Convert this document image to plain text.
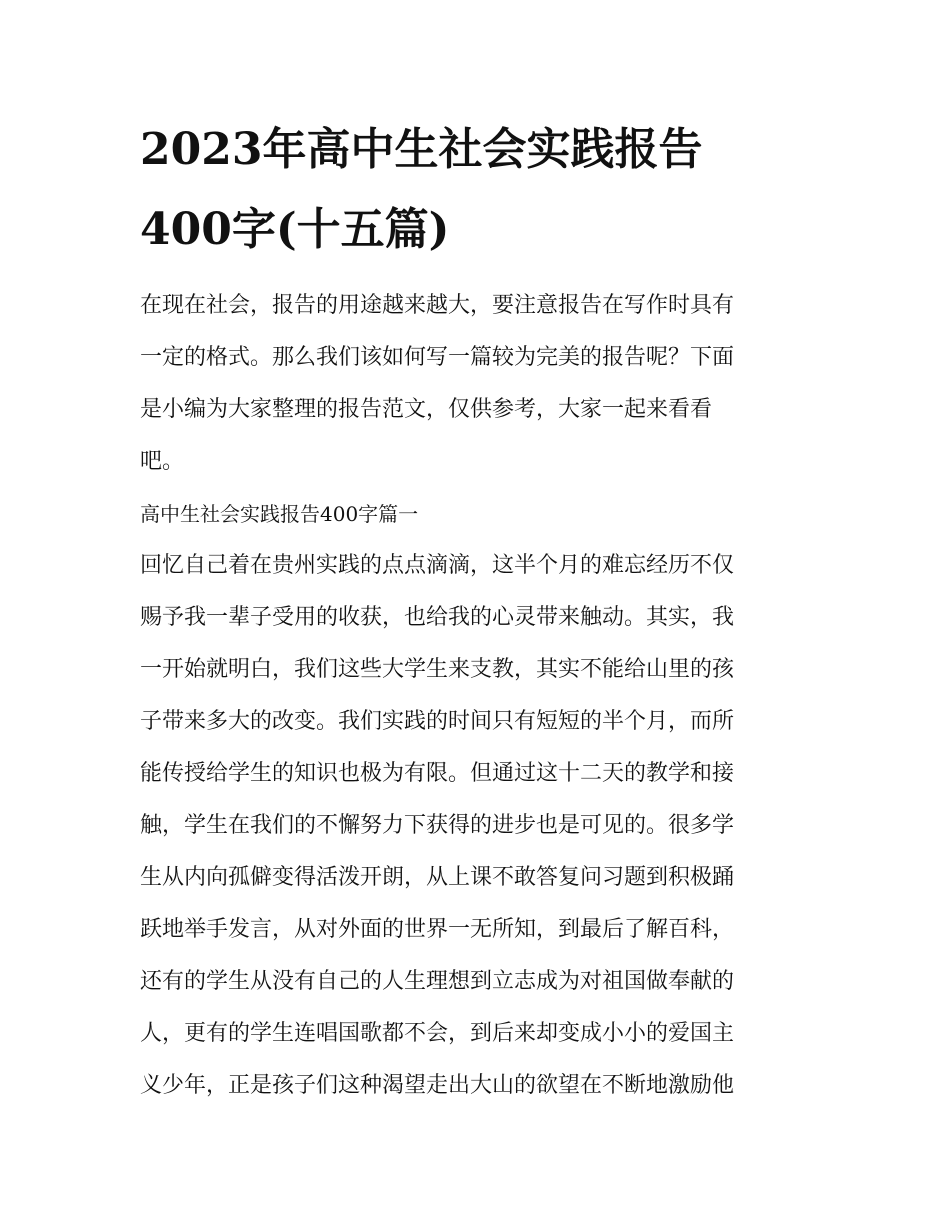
2023年高中生社会实践报告
400字(十五篇)
在现在社会，报告的用途越来越大，要注意报告在写作时具有
一定的格式。那么我们该如何写一篇较为完美的报告呢？下面
是小编为大家整理的报告范文，仅供参考，大家一起来看看
吧。
高中生社会实践报告400字篇一
回忆自己着在贵州实践的点点滴滴，这半个月的难忘经历不仅
赐予我一辈子受用的收获，也给我的心灵带来触动。其实，我
一开始就明白，我们这些大学生来支教，其实不能给山里的孩
子带来多大的改变。我们实践的时间只有短短的半个月，而所
能传授给学生的知识也极为有限。但通过这十二天的教学和接
触，学生在我们的不懈努力下获得的进步也是可见的。很多学
生从内向孤僻变得活泼开朗，从上课不敢答复问习题到积极踊
跃地举手发言，从对外面的世界一无所知，到最后了解百科，
还有的学生从没有自己的人生理想到立志成为对祖国做奉献的
人，更有的学生连唱国歌都不会，到后来却变成小小的爱国主
义少年，正是孩子们这种渴望走出大山的欲望在不断地激励他
